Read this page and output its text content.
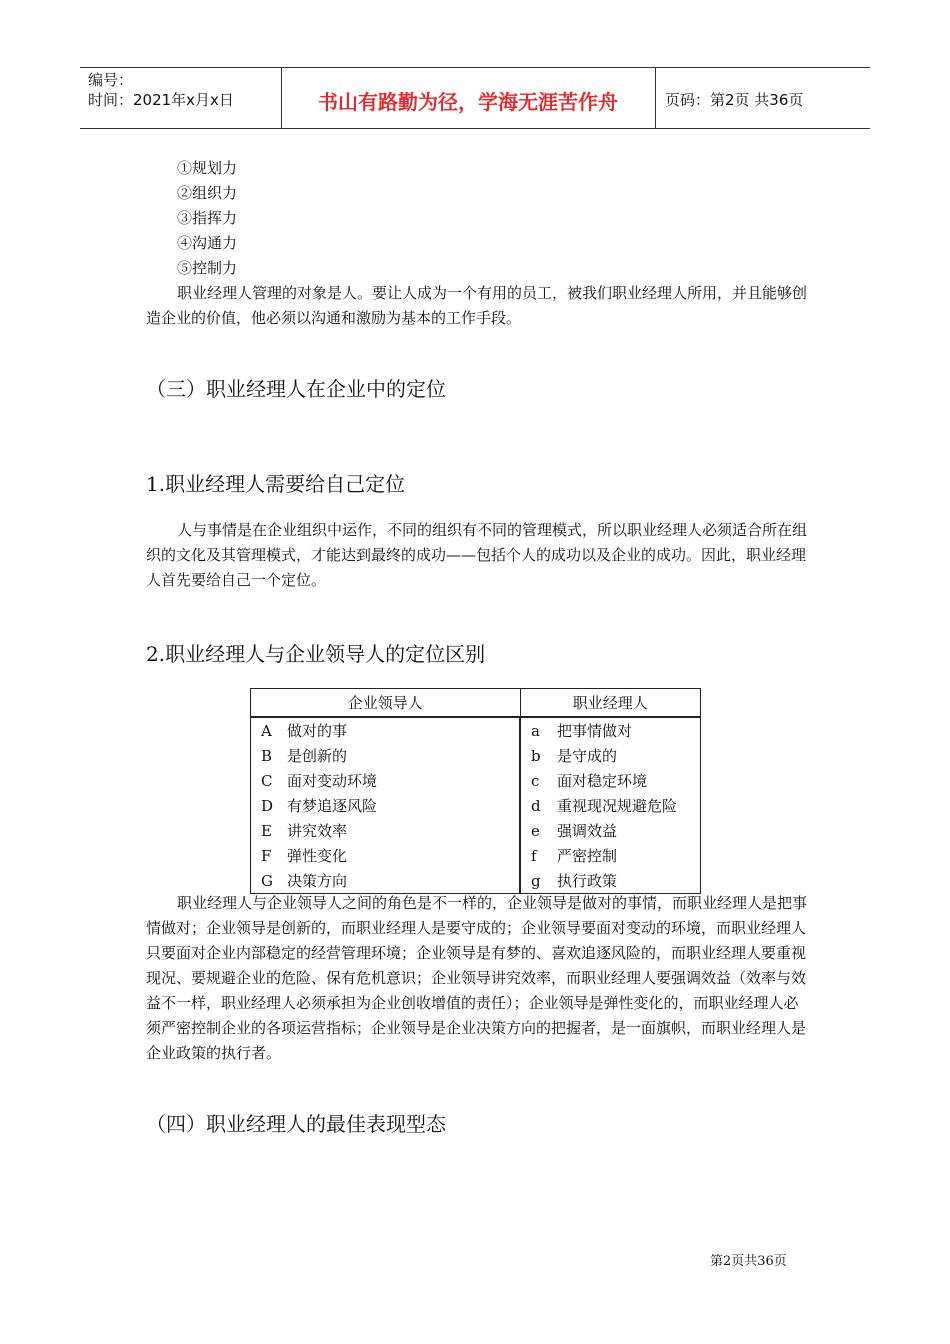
编号：
时间：2021年x月x日	书山有路勤为径，学海无涯苦作舟	页码：第2页 共36页
①规划力
②组织力
③指挥力
④沟通力
⑤控制力
职业经理人管理的对象是人。要让人成为一个有用的员工，被我们职业经理人所用，并且能够创造企业的价值，他必须以沟通和激励为基本的工作手段。
（三）职业经理人在企业中的定位
1.职业经理人需要给自己定位
人与事情是在企业组织中运作，不同的组织有不同的管理模式，所以职业经理人必须适合所在组织的文化及其管理模式，才能达到最终的成功——包括个人的成功以及企业的成功。因此，职业经理人首先要给自己一个定位。
2.职业经理人与企业领导人的定位区别
企业领导人	职业经理人
A 做对的事	a 把事情做对
B 是创新的	b 是守成的
C 面对变动环境	c 面对稳定环境
D 有梦追逐风险	d 重视现况规避危险
E 讲究效率	e 强调效益
F 弹性变化	f 严密控制
G 决策方向	g 执行政策
职业经理人与企业领导人之间的角色是不一样的，企业领导是做对的事情，而职业经理人是把事情做对；企业领导是创新的，而职业经理人是要守成的；企业领导要面对变动的环境，而职业经理人只要面对企业内部稳定的经营管理环境；企业领导是有梦的、喜欢追逐风险的，而职业经理人要重视现况、要规避企业的危险、保有危机意识；企业领导讲究效率，而职业经理人要强调效益（效率与效益不一样，职业经理人必须承担为企业创收增值的责任）；企业领导是弹性变化的，而职业经理人必须严密控制企业的各项运营指标；企业领导是企业决策方向的把握者，是一面旗帜，而职业经理人是企业政策的执行者。
（四）职业经理人的最佳表现型态
第2页共36页
